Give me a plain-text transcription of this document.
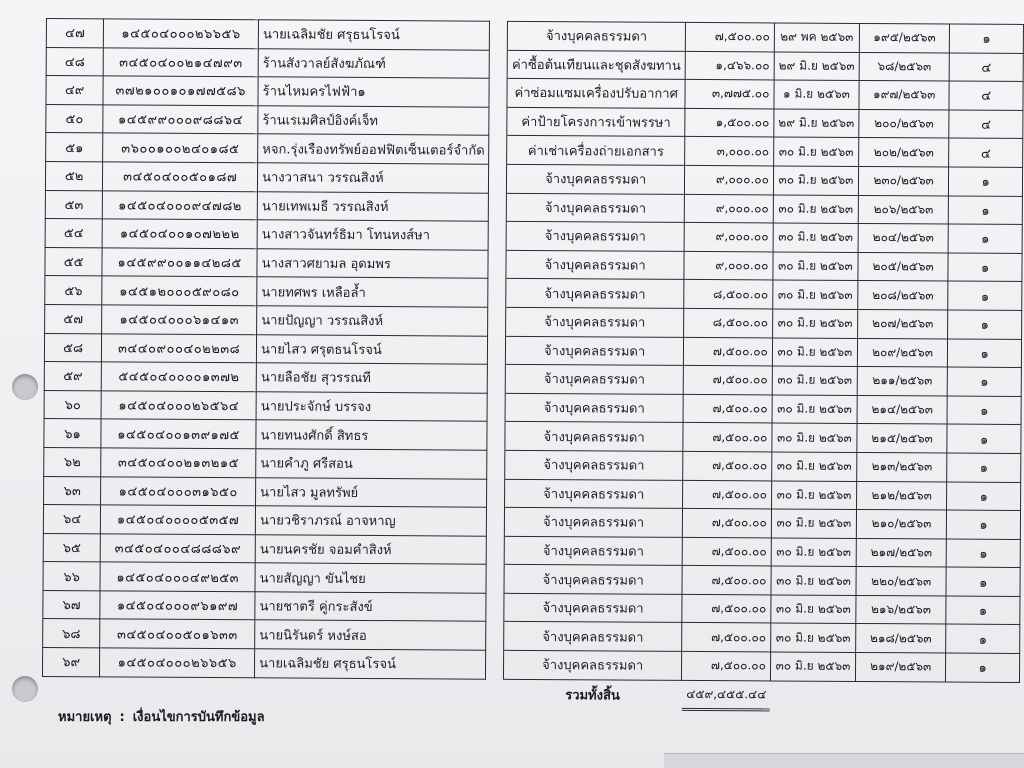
๔๗	๑๔๕๐๔๐๐๐๒๖๖๕๖	นายเฉลิมชัย ศรุธนโรจน์		จ้างบุคคลธรรมดา	๗,๕๐๐.๐๐	๒๙ พค ๒๕๖๓	๑๙๕/๒๕๖๓	๑
๔๘	๓๔๕๐๔๐๐๒๑๔๗๙๓	ร้านสังวาลย์สังฆภัณฑ์		ค่าซื้อต้นเทียนและชุดสังฆทาน	๑,๔๖๖.๐๐	๒๙ มิ.ย ๒๕๖๓	๖๘/๒๕๖๓	๔
๔๙	๓๗๒๑๐๐๑๐๑๗๗๕๘๖	ร้านไหมครไฟฟ้า๑		ค่าซ่อมแซมเครื่องปรับอากาศ	๓,๗๗๕.๐๐	๑ มิ.ย ๒๕๖๓	๑๙๗/๒๕๖๓	๔
๕๐	๑๔๕๙๙๐๐๐๙๘๘๖๔	ร้านเรเมศิลป์อิงค์เจ็ท		ค่าป้ายโครงการเข้าพรรษา	๑,๕๐๐.๐๐	๒๙ มิ.ย ๒๕๖๓	๒๐๐/๒๕๖๓	๔
๕๑	๓๖๐๐๑๐๐๒๔๐๑๘๕	หจก.รุ่งเรืองทรัพย์ออฟฟิตเซ็นเตอร์จำกัด		ค่าเช่าเครื่องถ่ายเอกสาร	๓,๐๐๐.๐๐	๓๐ มิ.ย ๒๕๖๓	๒๐๒/๒๕๖๓	๔
๕๒	๓๔๕๐๔๐๐๕๐๑๘๗	นางวาสนา วรรณสิงห์		จ้างบุคคลธรรมดา	๙,๐๐๐.๐๐	๓๐ มิ.ย ๒๕๖๓	๒๓๐/๒๕๖๓	๑
๕๓	๑๔๕๐๔๐๐๐๙๔๗๘๒	นายเทพเมธี วรรณสิงห์		จ้างบุคคลธรรมดา	๙,๐๐๐.๐๐	๓๐ มิ.ย ๒๕๖๓	๒๐๖/๒๕๖๓	๑
๕๔	๑๔๕๐๔๐๐๑๐๗๒๒๒	นางสาวจันทร์ธิมา โทนหงส์ษา		จ้างบุคคลธรรมดา	๙,๐๐๐.๐๐	๓๐ มิ.ย ๒๕๖๓	๒๐๔/๒๕๖๓	๑
๕๕	๑๔๕๙๙๐๐๑๑๔๒๘๕	นางสาวศยามล อุดมพร		จ้างบุคคลธรรมดา	๙,๐๐๐.๐๐	๓๐ มิ.ย ๒๕๖๓	๒๐๕/๒๕๖๓	๑
๕๖	๑๔๕๑๒๐๐๐๕๙๐๘๐	นายทศพร เหลือล้ำ		จ้างบุคคลธรรมดา	๘,๕๐๐.๐๐	๓๐ มิ.ย ๒๕๖๓	๒๐๘/๒๕๖๓	๑
๕๗	๑๔๕๐๔๐๐๐๖๑๔๑๓	นายปัญญา วรรณสิงห์		จ้างบุคคลธรรมดา	๘,๕๐๐.๐๐	๓๐ มิ.ย ๒๕๖๓	๒๐๗/๒๕๖๓	๑
๕๘	๓๔๔๐๙๐๐๔๐๒๒๓๘	นายไสว ศรุตธนโรจน์		จ้างบุคคลธรรมดา	๗,๕๐๐.๐๐	๓๐ มิ.ย ๒๕๖๓	๒๐๙/๒๕๖๓	๑
๕๙	๕๔๕๐๔๐๐๐๐๑๓๗๒	นายลือชัย สุวรรณที		จ้างบุคคลธรรมดา	๗,๕๐๐.๐๐	๓๐ มิ.ย ๒๕๖๓	๒๑๑/๒๕๖๓	๑
๖๐	๑๔๕๐๔๐๐๐๒๖๕๖๔	นายประจักษ์ บรรจง		จ้างบุคคลธรรมดา	๗,๕๐๐.๐๐	๓๐ มิ.ย ๒๕๖๓	๒๑๔/๒๕๖๓	๑
๖๑	๑๔๕๐๔๐๐๑๓๙๑๗๕	นายทนงศักดิ์ สิทธร		จ้างบุคคลธรรมดา	๗,๕๐๐.๐๐	๓๐ มิ.ย ๒๕๖๓	๒๑๕/๒๕๖๓	๑
๖๒	๓๔๕๐๔๐๐๒๑๓๒๑๕	นายคำภู ศรีสอน		จ้างบุคคลธรรมดา	๗,๕๐๐.๐๐	๓๐ มิ.ย ๒๕๖๓	๒๑๓/๒๕๖๓	๑
๖๓	๑๔๕๐๔๐๐๐๓๑๖๕๐	นายไสว มูลทรัพย์		จ้างบุคคลธรรมดา	๗,๕๐๐.๐๐	๓๐ มิ.ย ๒๕๖๓	๒๑๒/๒๕๖๓	๑
๖๔	๑๔๕๐๔๐๐๐๐๕๓๕๗	นายวชิราภรณ์ อาจหาญ		จ้างบุคคลธรรมดา	๗,๕๐๐.๐๐	๓๐ มิ.ย ๒๕๖๓	๒๑๐/๒๕๖๓	๑
๖๕	๓๔๕๐๔๐๐๔๘๘๘๖๙	นายนครชัย จอมคำสิงห์		จ้างบุคคลธรรมดา	๗,๕๐๐.๐๐	๓๐ มิ.ย ๒๕๖๓	๒๑๗/๒๕๖๓	๑
๖๖	๑๔๕๐๔๐๐๐๔๙๒๕๓	นายสัญญา ขันไชย		จ้างบุคคลธรรมดา	๗,๕๐๐.๐๐	๓๐ มิ.ย ๒๕๖๓	๒๒๐/๒๕๖๓	๑
๖๗	๑๔๕๐๔๐๐๐๙๖๑๙๗	นายชาตรี คู่กระสังข์		จ้างบุคคลธรรมดา	๗,๕๐๐.๐๐	๓๐ มิ.ย ๒๕๖๓	๒๑๖/๒๕๖๓	๑
๖๘	๓๔๕๐๔๐๐๕๐๑๖๓๓	นายนิรันดร์ หงษ์สอ		จ้างบุคคลธรรมดา	๗,๕๐๐.๐๐	๓๐ มิ.ย ๒๕๖๓	๒๑๘/๒๕๖๓	๑
๖๙	๑๔๕๐๔๐๐๐๒๖๖๕๖	นายเฉลิมชัย ศรุธนโรจน์		จ้างบุคคลธรรมดา	๗,๕๐๐.๐๐	๓๐ มิ.ย ๒๕๖๓	๒๑๙/๒๕๖๓	๑
				รวมทั้งสิ้น	๔๕๙,๔๕๕.๔๔			
หมายเหตุ : เงื่อนไขการบันทึกข้อมูล
